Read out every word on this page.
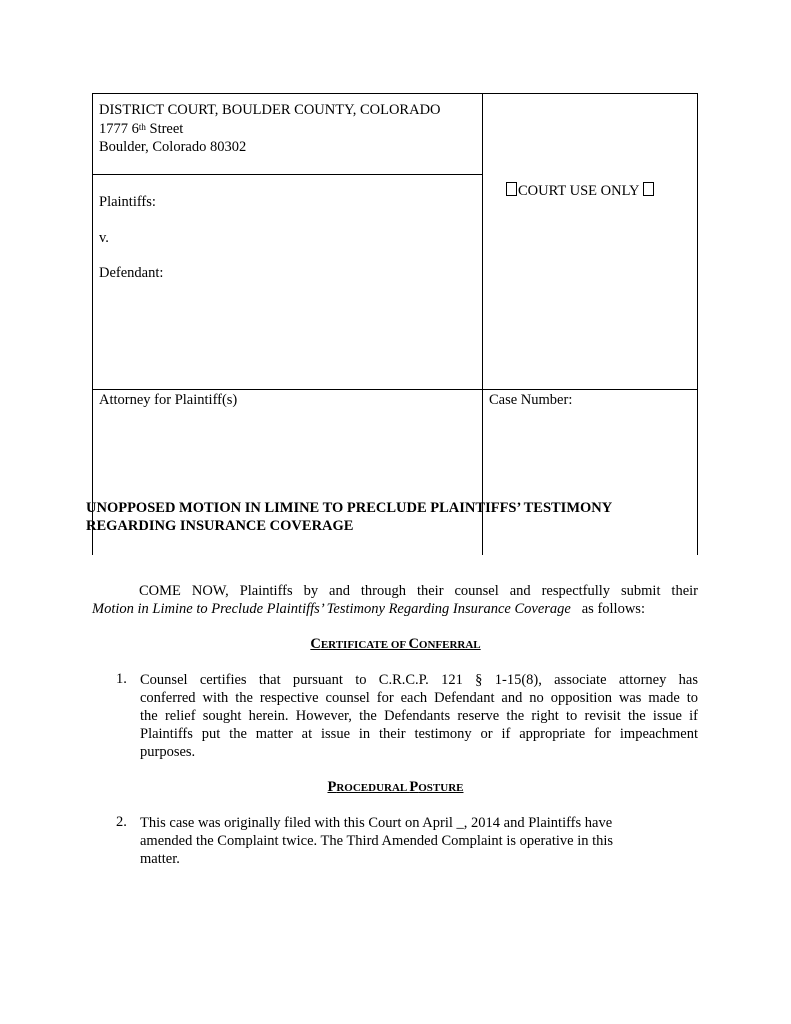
DISTRICT COURT, BOULDER COUNTY, COLORADO
1777 6th Street
Boulder, Colorado 80302
Plaintiffs:
v.
Defendant:
COURT USE ONLY
Attorney for Plaintiff(s)	Case Number:
UNOPPOSED MOTION IN LIMINE TO PRECLUDE PLAINTIFFS’ TESTIMONY
REGARDING INSURANCE COVERAGE
COME NOW, Plaintiffs by and through their counsel and respectfully submit their
Motion in Limine to Preclude Plaintiffs’ Testimony Regarding Insurance Coverage as follows:
CERTIFICATE OF CONFERRAL
1. Counsel certifies that pursuant to C.R.C.P. 121 § 1-15(8), associate attorney has
conferred with the respective counsel for each Defendant and no opposition was made to
the relief sought herein. However, the Defendants reserve the right to revisit the issue if
Plaintiffs put the matter at issue in their testimony or if appropriate for impeachment
purposes.
PROCEDURAL POSTURE
2. This case was originally filed with this Court on April _, 2014 and Plaintiffs have
amended the Complaint twice. The Third Amended Complaint is operative in this
matter.
